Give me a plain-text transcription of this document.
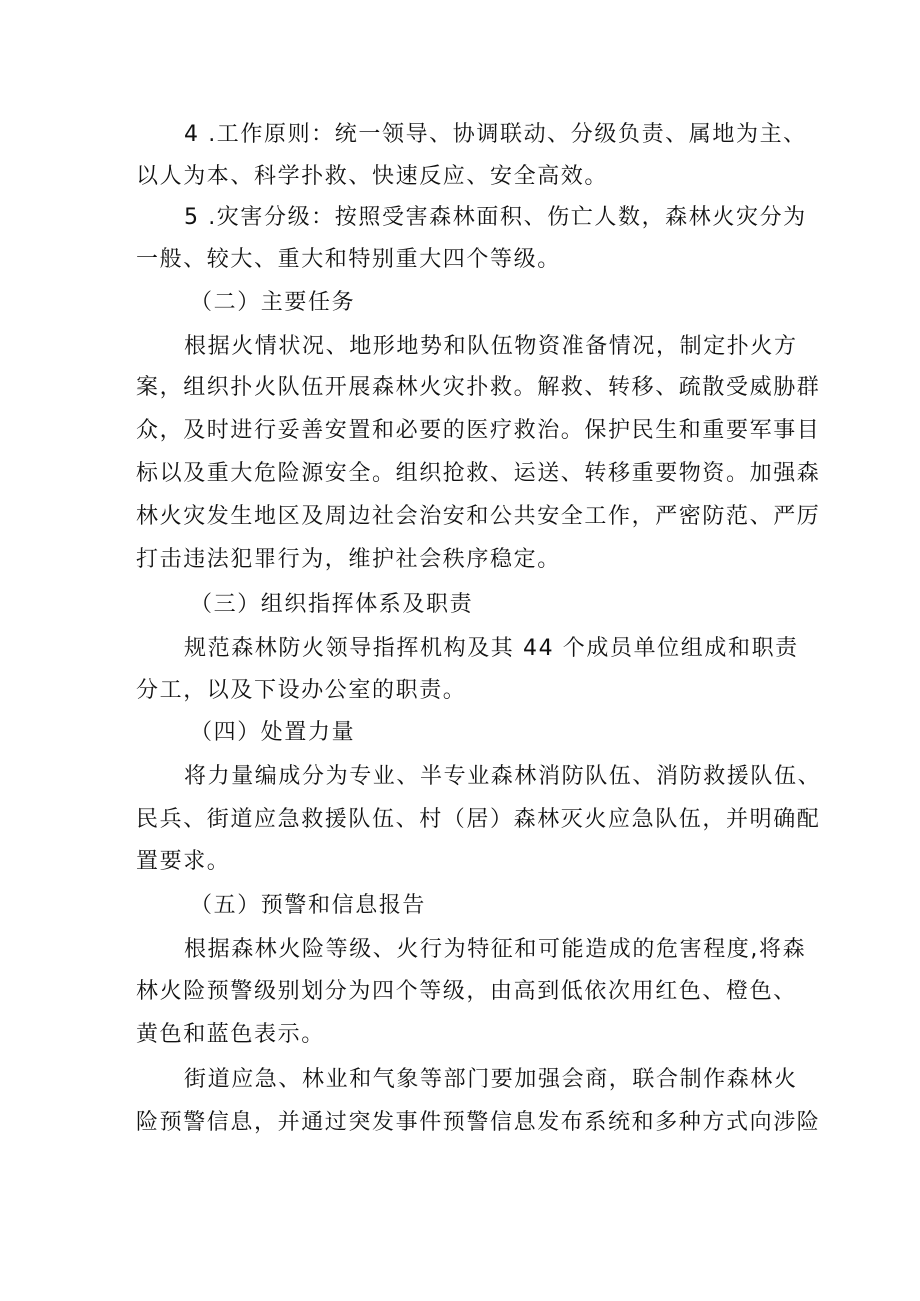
4 .工作原则：统一领导、协调联动、分级负责、属地为主、
以人为本、科学扑救、快速反应、安全高效。
5 .灾害分级：按照受害森林面积、伤亡人数，森林火灾分为
一般、较大、重大和特别重大四个等级。
（二）主要任务
根据火情状况、地形地势和队伍物资准备情况，制定扑火方
案，组织扑火队伍开展森林火灾扑救。解救、转移、疏散受威胁群
众，及时进行妥善安置和必要的医疗救治。保护民生和重要军事目
标以及重大危险源安全。组织抢救、运送、转移重要物资。加强森
林火灾发生地区及周边社会治安和公共安全工作，严密防范、严厉
打击违法犯罪行为，维护社会秩序稳定。
（三）组织指挥体系及职责
规范森林防火领导指挥机构及其 44 个成员单位组成和职责
分工，以及下设办公室的职责。
（四）处置力量
将力量编成分为专业、半专业森林消防队伍、消防救援队伍、
民兵、街道应急救援队伍、村（居）森林灭火应急队伍，并明确配
置要求。
（五）预警和信息报告
根据森林火险等级、火行为特征和可能造成的危害程度,将森
林火险预警级别划分为四个等级，由高到低依次用红色、橙色、
黄色和蓝色表示。
街道应急、林业和气象等部门要加强会商，联合制作森林火
险预警信息，并通过突发事件预警信息发布系统和多种方式向涉险
